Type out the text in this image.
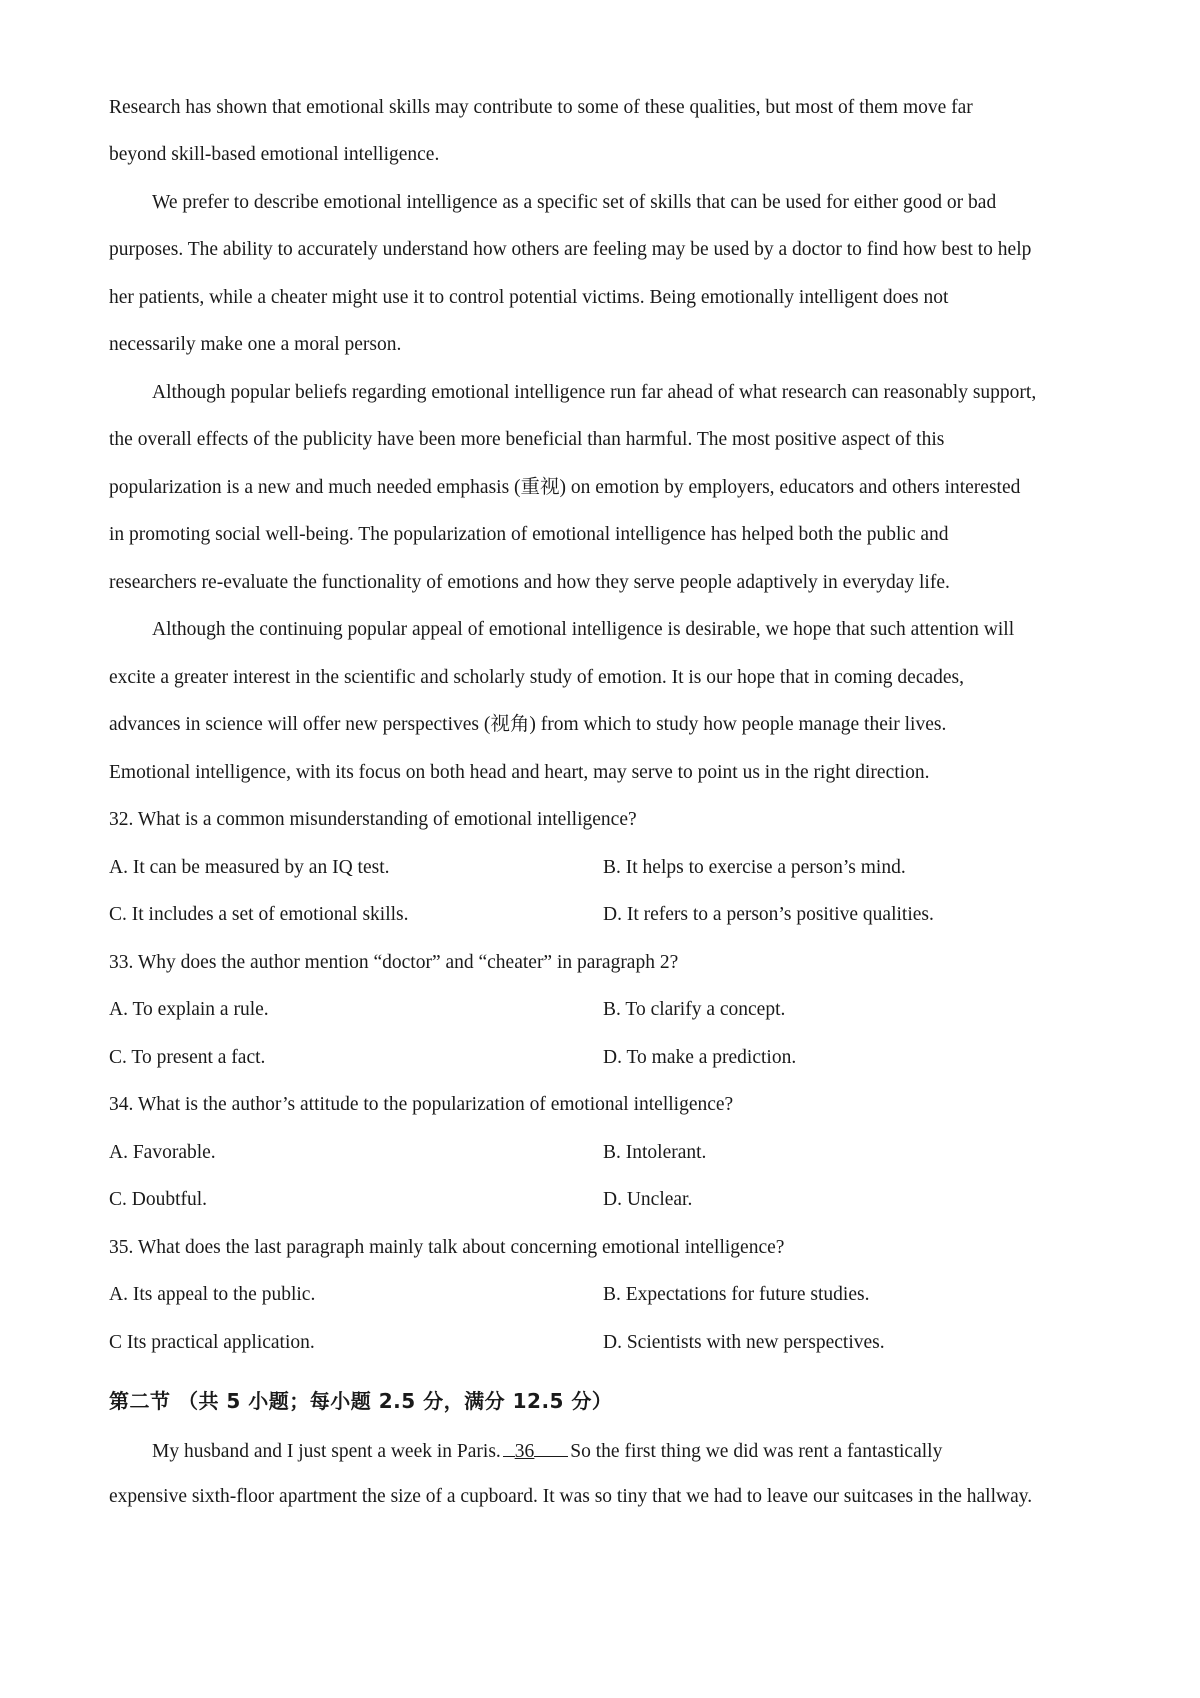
Research has shown that emotional skills may contribute to some of these qualities, but most of them move far
beyond skill-based emotional intelligence.
We prefer to describe emotional intelligence as a specific set of skills that can be used for either good or bad
purposes. The ability to accurately understand how others are feeling may be used by a doctor to find how best to help
her patients, while a cheater might use it to control potential victims. Being emotionally intelligent does not
necessarily make one a moral person.
Although popular beliefs regarding emotional intelligence run far ahead of what research can reasonably support,
the overall effects of the publicity have been more beneficial than harmful. The most positive aspect of this
popularization is a new and much needed emphasis (重视) on emotion by employers, educators and others interested
in promoting social well-being. The popularization of emotional intelligence has helped both the public and
researchers re-evaluate the functionality of emotions and how they serve people adaptively in everyday life.
Although the continuing popular appeal of emotional intelligence is desirable, we hope that such attention will
excite a greater interest in the scientific and scholarly study of emotion. It is our hope that in coming decades,
advances in science will offer new perspectives (视角) from which to study how people manage their lives.
Emotional intelligence, with its focus on both head and heart, may serve to point us in the right direction.
32. What is a common misunderstanding of emotional intelligence?
A. It can be measured by an IQ test.	B. It helps to exercise a person’s mind.
C. It includes a set of emotional skills.	D. It refers to a person’s positive qualities.
33. Why does the author mention “doctor” and “cheater” in paragraph 2?
A. To explain a rule.	B. To clarify a concept.
C. To present a fact.	D. To make a prediction.
34. What is the author’s attitude to the popularization of emotional intelligence?
A. Favorable.	B. Intolerant.
C. Doubtful.	D. Unclear.
35. What does the last paragraph mainly talk about concerning emotional intelligence?
A. Its appeal to the public.	B. Expectations for future studies.
C Its practical application.	D. Scientists with new perspectives.
第二节 （共 5 小题；每小题 2.5 分，满分 12.5 分）
My husband and I just spent a week in Paris. 36 So the first thing we did was rent a fantastically
expensive sixth-floor apartment the size of a cupboard. It was so tiny that we had to leave our suitcases in the hallway.
